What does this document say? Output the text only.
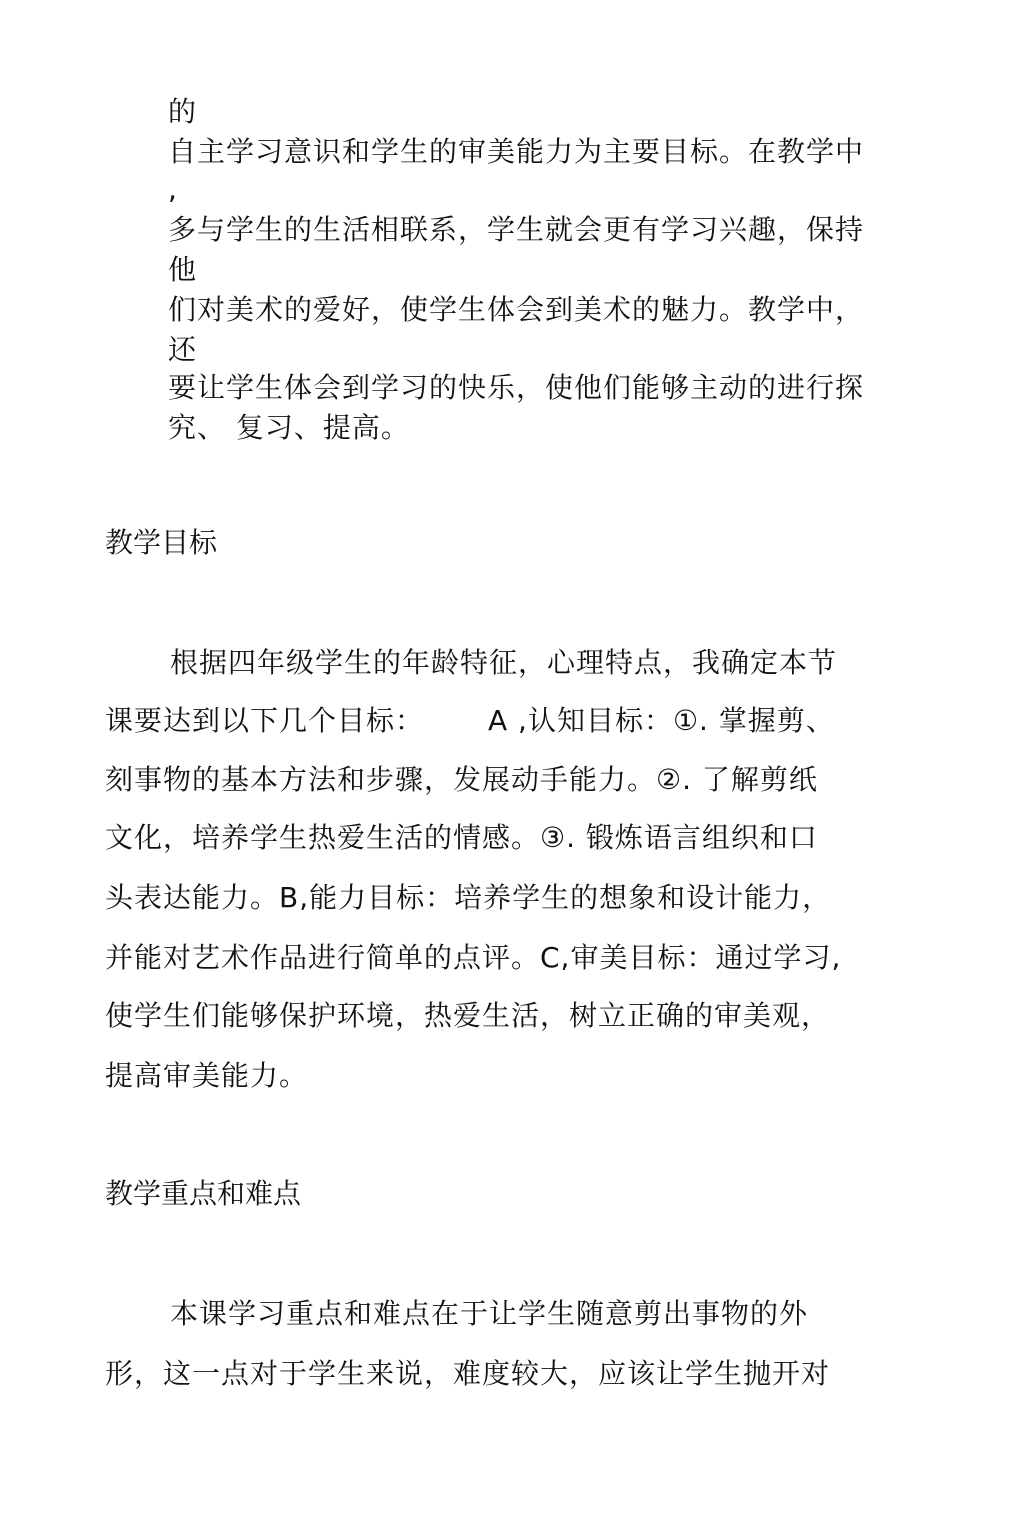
的
自主学习意识和学生的审美能力为主要目标。在教学中
,
多与学生的生活相联系，学生就会更有学习兴趣，保持
他
们对美术的爱好，使学生体会到美术的魅力。教学中，
还
要让学生体会到学习的快乐，使他们能够主动的进行探
究、 复习、提高。
教学目标
根据四年级学生的年龄特征，心理特点，我确定本节
课要达到以下几个目标： A ,认知目标：①. 掌握剪、
刻事物的基本方法和步骤，发展动手能力。②. 了解剪纸
文化，培养学生热爱生活的情感。③. 锻炼语言组织和口
头表达能力。B,能力目标：培养学生的想象和设计能力，
并能对艺术作品进行简单的点评。C,审美目标：通过学习,
使学生们能够保护环境，热爱生活，树立正确的审美观，
提高审美能力。
教学重点和难点
本课学习重点和难点在于让学生随意剪出事物的外
形，这一点对于学生来说，难度较大，应该让学生抛开对
